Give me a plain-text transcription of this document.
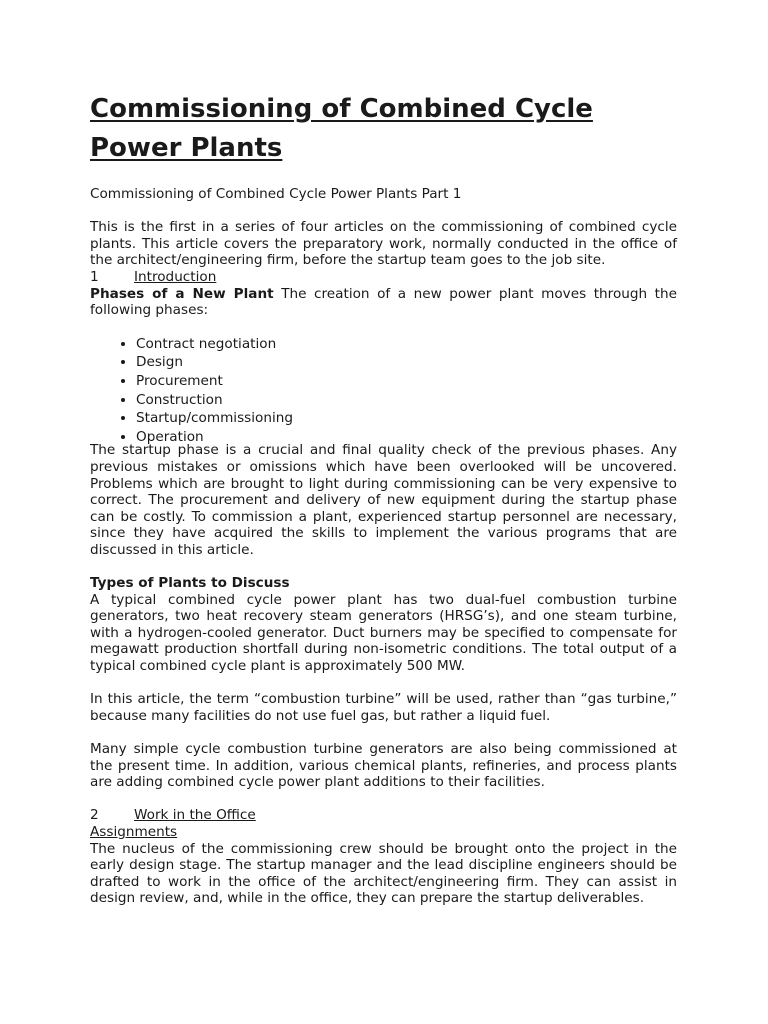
Commissioning of Combined Cycle
Power Plants

Commissioning of Combined Cycle Power Plants Part 1

This is the first in a series of four articles on the commissioning of combined cycle plants. This article covers the preparatory work, normally conducted in the office of the architect/engineering firm, before the startup team goes to the job site.

1	Introduction

Phases of a New Plant The creation of a new power plant moves through the following phases:

• Contract negotiation
• Design
• Procurement
• Construction
• Startup/commissioning
• Operation

The startup phase is a crucial and final quality check of the previous phases. Any previous mistakes or omissions which have been overlooked will be uncovered. Problems which are brought to light during commissioning can be very expensive to correct. The procurement and delivery of new equipment during the startup phase can be costly. To commission a plant, experienced startup personnel are necessary, since they have acquired the skills to implement the various programs that are discussed in this article.

Types of Plants to Discuss

A typical combined cycle power plant has two dual-fuel combustion turbine generators, two heat recovery steam generators (HRSG’s), and one steam turbine, with a hydrogen-cooled generator. Duct burners may be specified to compensate for megawatt production shortfall during non-isometric conditions. The total output of a typical combined cycle plant is approximately 500 MW.

In this article, the term “combustion turbine” will be used, rather than “gas turbine,” because many facilities do not use fuel gas, but rather a liquid fuel.

Many simple cycle combustion turbine generators are also being commissioned at the present time. In addition, various chemical plants, refineries, and process plants are adding combined cycle power plant additions to their facilities.

2	Work in the Office
Assignments

The nucleus of the commissioning crew should be brought onto the project in the early design stage. The startup manager and the lead discipline engineers should be drafted to work in the office of the architect/engineering firm. They can assist in design review, and, while in the office, they can prepare the startup deliverables.
